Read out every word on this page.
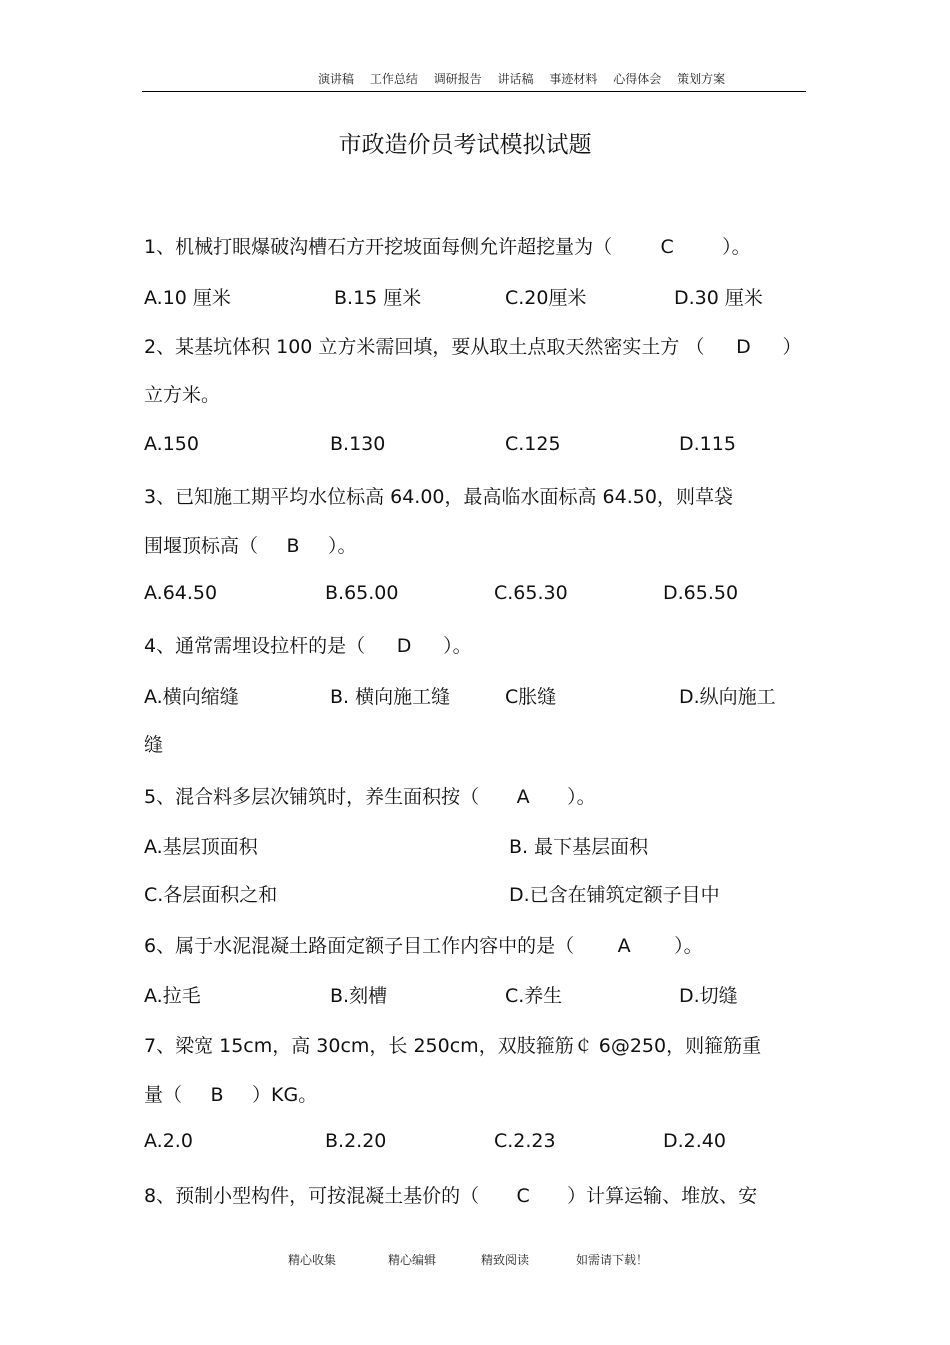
演讲稿 工作总结 调研报告 讲话稿 事迹材料 心得体会 策划方案
市政造价员考试模拟试题
1、机械打眼爆破沟槽石方开挖坡面每侧允许超挖量为（	C	）。
A.10 厘米	B.15 厘米	C.20厘米	D.30 厘米
2、某基坑体积 100 立方米需回填，要从取土点取天然密实土方 （ D ）
立方米。
A.150	B.130	C.125	D.115
3、已知施工期平均水位标高 64.00，最高临水面标高 64.50，则草袋
围堰顶标高（ B ）。
A.64.50	B.65.00	C.65.30	D.65.50
4、通常需埋设拉杆的是（ D ）。
A.横向缩缝	B. 横向施工缝	C胀缝	D.纵向施工
缝
5、混合料多层次铺筑时，养生面积按（ A ）。
A.基层顶面积	B. 最下基层面积
C.各层面积之和	D.已含在铺筑定额子目中
6、属于水泥混凝土路面定额子目工作内容中的是（ A ）。
A.拉毛	B.刻槽	C.养生	D.切缝
7、梁宽 15cm，高 30cm，长 250cm，双肢箍筋￠ 6@250，则箍筋重
量（ B ）KG。
A.2.0	B.2.20	C.2.23	D.2.40
8、预制小型构件，可按混凝土基价的（ C ）计算运输、堆放、安
精心收集	精心编辑	精致阅读	如需请下载！
